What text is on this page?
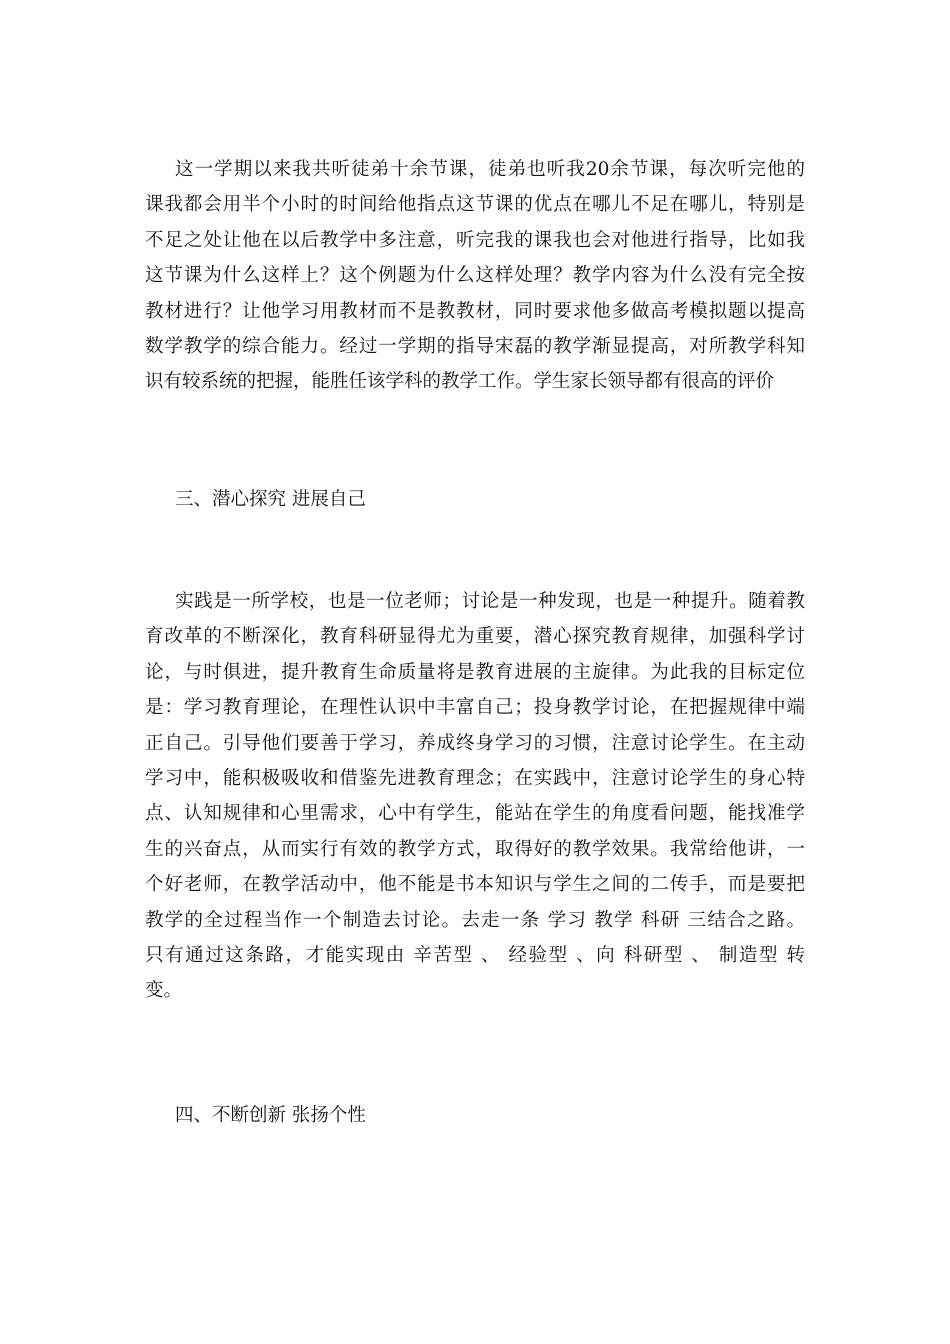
这一学期以来我共听徒弟十余节课，徒弟也听我20余节课，每次听完他的
课我都会用半个小时的时间给他指点这节课的优点在哪儿不足在哪儿，特别是
不足之处让他在以后教学中多注意，听完我的课我也会对他进行指导，比如我
这节课为什么这样上？这个例题为什么这样处理？教学内容为什么没有完全按
教材进行？让他学习用教材而不是教教材，同时要求他多做高考模拟题以提高
数学教学的综合能力。经过一学期的指导宋磊的教学渐显提高，对所教学科知
识有较系统的把握，能胜任该学科的教学工作。学生家长领导都有很高的评价
三、潜心探究 进展自己
实践是一所学校，也是一位老师；讨论是一种发现，也是一种提升。随着教
育改革的不断深化，教育科研显得尤为重要，潜心探究教育规律，加强科学讨
论，与时俱进，提升教育生命质量将是教育进展的主旋律。为此我的目标定位
是：学习教育理论，在理性认识中丰富自己；投身教学讨论，在把握规律中端
正自己。引导他们要善于学习，养成终身学习的习惯，注意讨论学生。在主动
学习中，能积极吸收和借鉴先进教育理念；在实践中，注意讨论学生的身心特
点、认知规律和心里需求，心中有学生，能站在学生的角度看问题，能找准学
生的兴奋点，从而实行有效的教学方式，取得好的教学效果。我常给他讲，一
个好老师，在教学活动中，他不能是书本知识与学生之间的二传手，而是要把
教学的全过程当作一个制造去讨论。去走一条 学习 教学 科研 三结合之路。
只有通过这条路，才能实现由 辛苦型 、 经验型 、向 科研型 、 制造型 转
变。
四、不断创新 张扬个性
